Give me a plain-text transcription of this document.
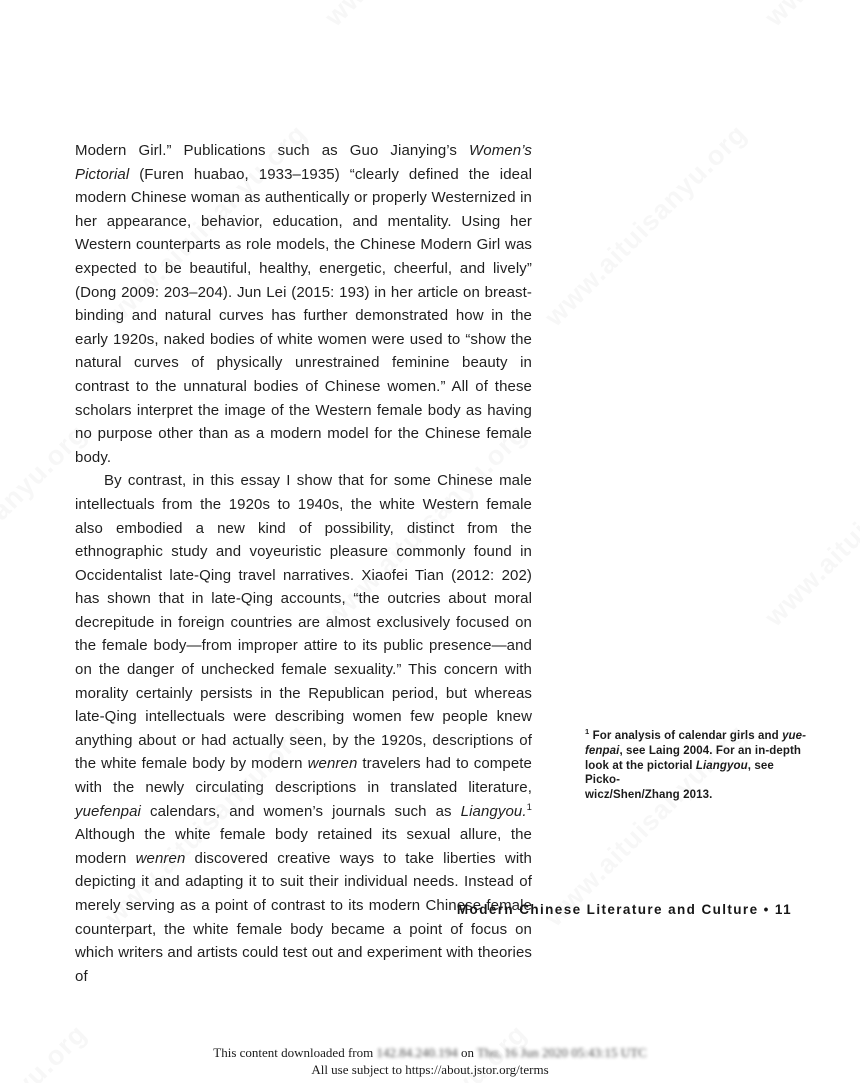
Modern Girl.” Publications such as Guo Jianying’s Women’s Pictorial (Furen huabao, 1933–1935) “clearly defined the ideal modern Chinese woman as authentically or properly Westernized in her appearance, behavior, education, and mentality. Using her Western counterparts as role models, the Chinese Modern Girl was expected to be beautiful, healthy, energetic, cheerful, and lively” (Dong 2009: 203–204). Jun Lei (2015: 193) in her article on breast-binding and natural curves has further demonstrated how in the early 1920s, naked bodies of white women were used to “show the natural curves of physically unrestrained feminine beauty in contrast to the unnatural bodies of Chinese women.” All of these scholars interpret the image of the Western female body as having no purpose other than as a modern model for the Chinese female body.

By contrast, in this essay I show that for some Chinese male intellectuals from the 1920s to 1940s, the white Western female also embodied a new kind of possibility, distinct from the ethnographic study and voyeuristic pleasure commonly found in Occidentalist late-Qing travel narratives. Xiaofei Tian (2012: 202) has shown that in late-Qing accounts, “the outcries about moral decrepitude in foreign countries are almost exclusively focused on the female body—from improper attire to its public presence—and on the danger of unchecked female sexuality.” This concern with morality certainly persists in the Republican period, but whereas late-Qing intellectuals were describing women few people knew anything about or had actually seen, by the 1920s, descriptions of the white female body by modern wenren travelers had to compete with the newly circulating descriptions in translated literature, yuefenpai calendars, and women’s journals such as Liangyou.$^1$ Although the white female body retained its sexual allure, the modern wenren discovered creative ways to take liberties with depicting it and adapting it to suit their individual needs. Instead of merely serving as a point of contrast to its modern Chinese female counterpart, the white female body became a point of focus on which writers and artists could test out and experiment with theories of

$^1$ For analysis of calendar girls and yue-
fenpai, see Laing 2004. For an in-depth
look at the pictorial Liangyou, see Picko-
wicz/Shen/Zhang 2013.
Modern Chinese Literature and Culture • 11
This content downloaded from 142.84.240.194 on Thu, 16 Jun 2020 05:43:15 UTC
All use subject to https://about.jstor.org/terms
